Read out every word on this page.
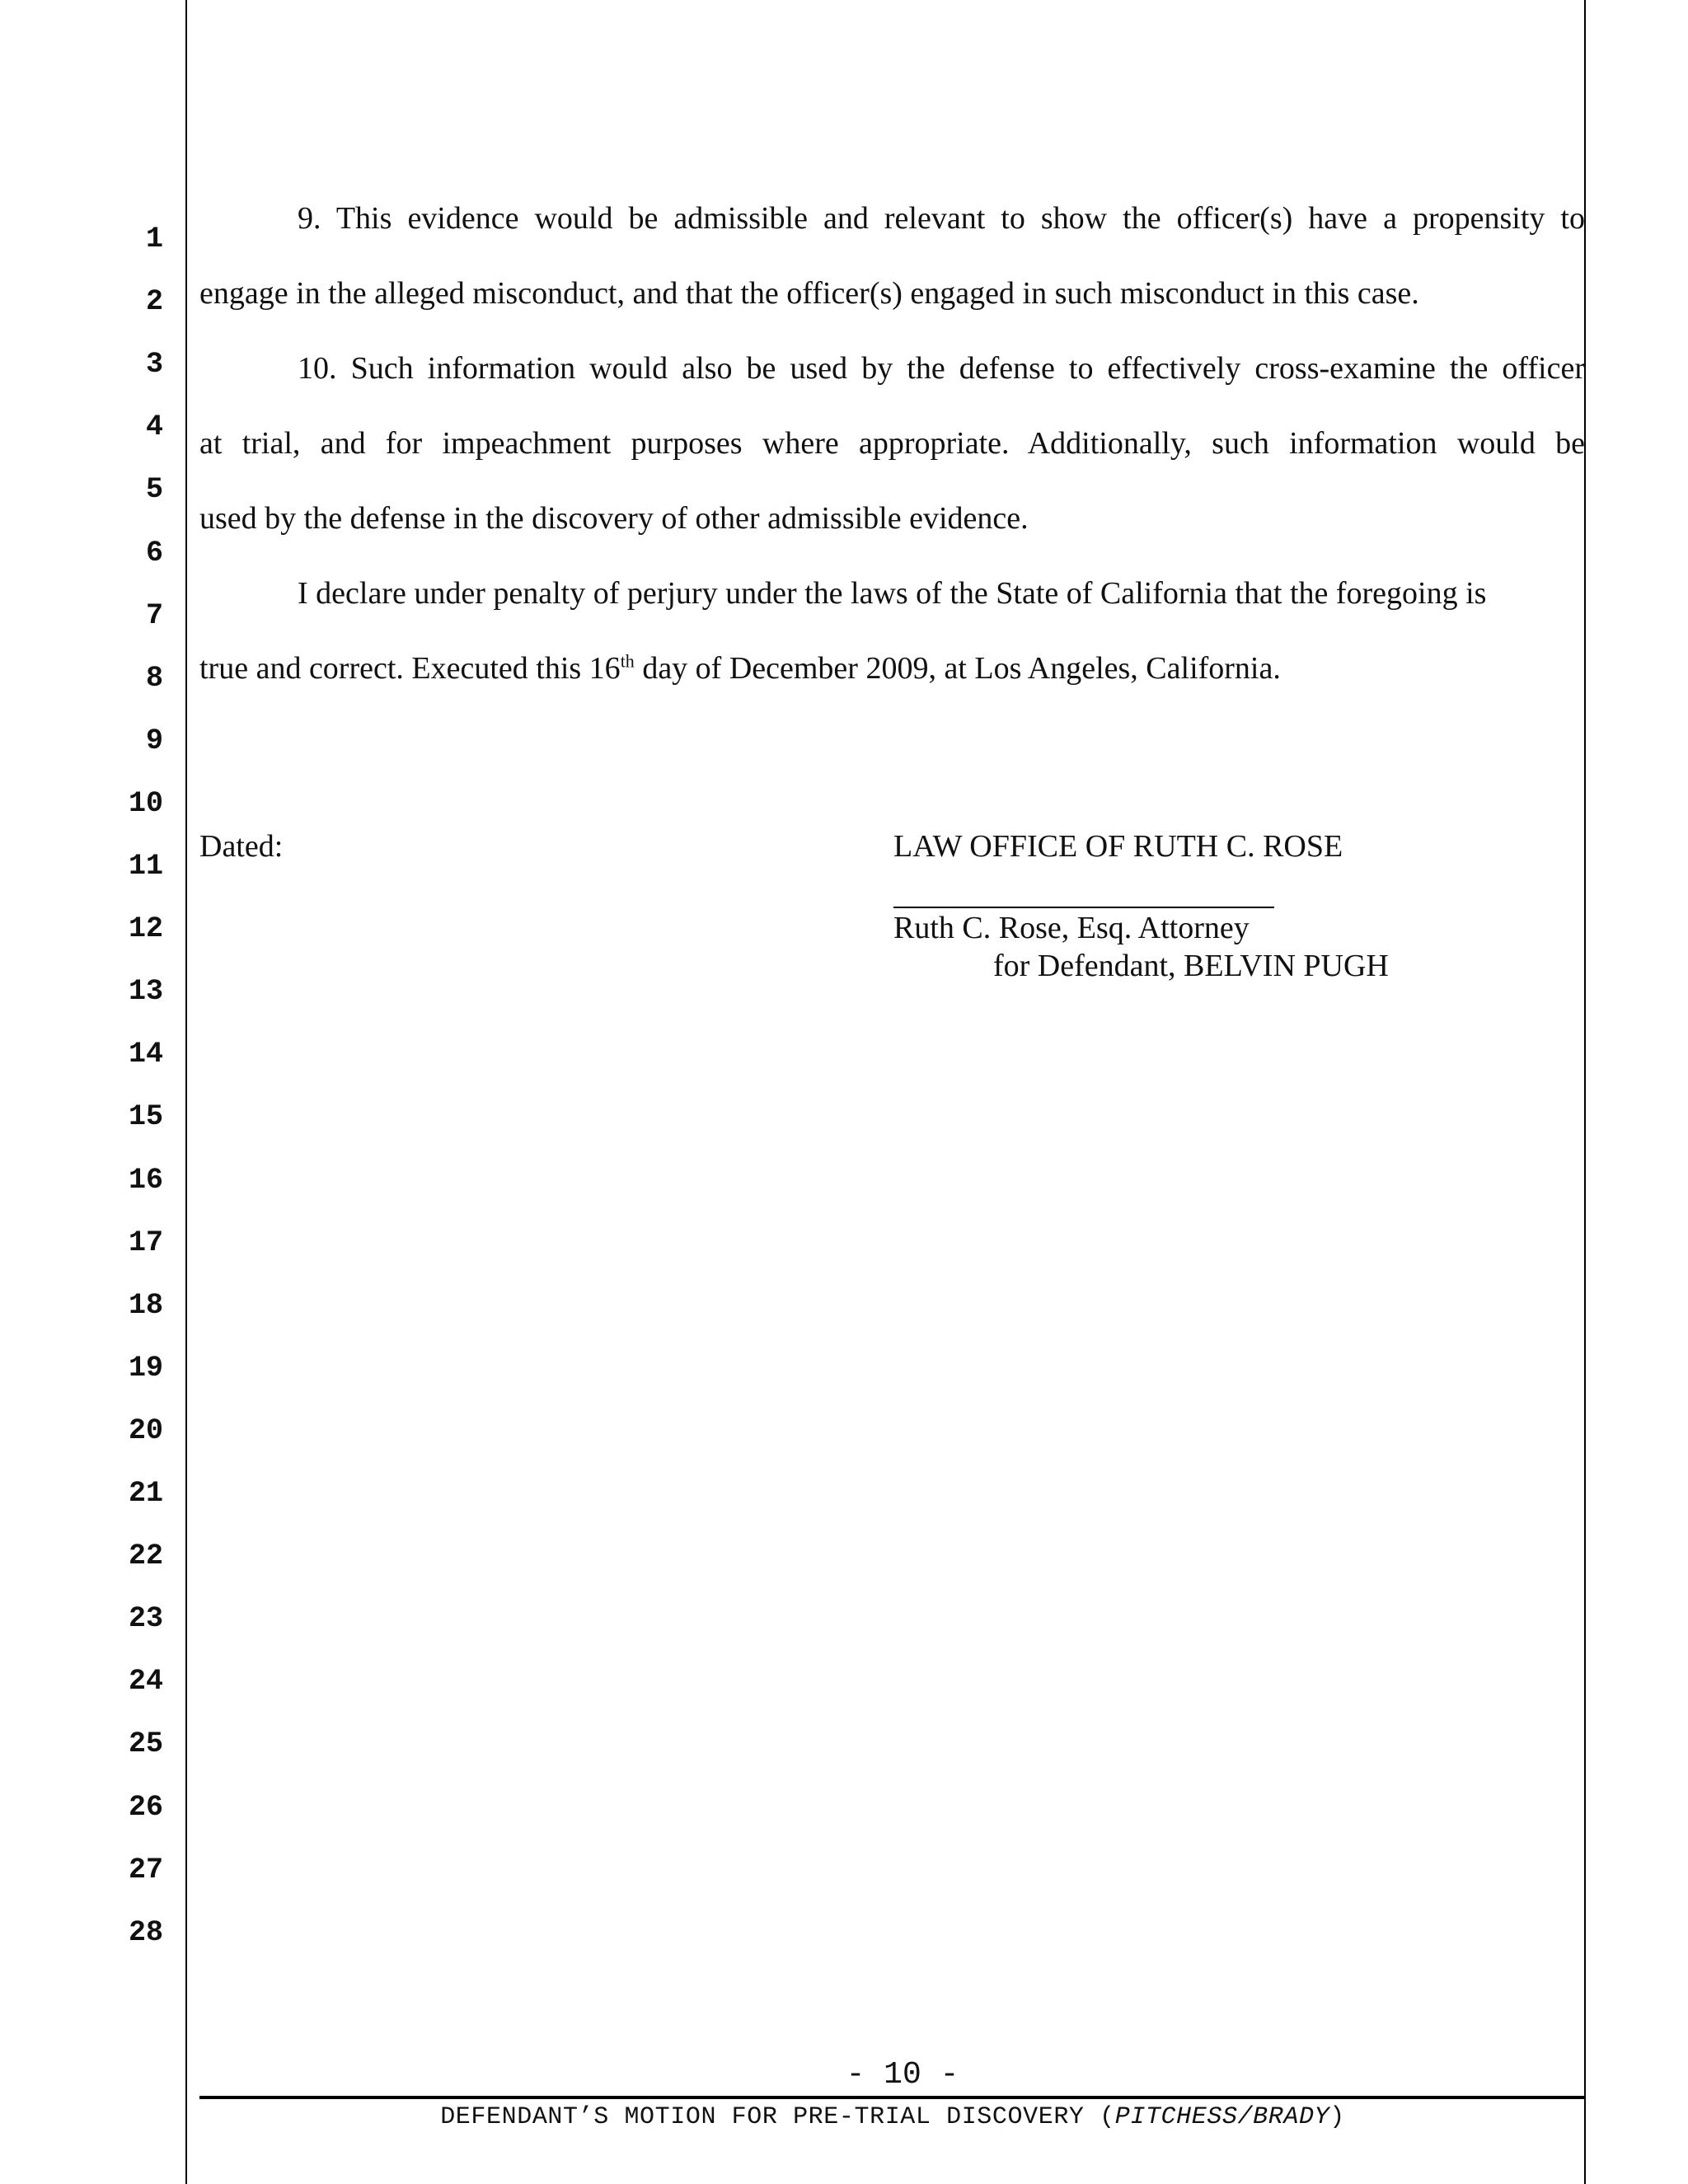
1
2
3
4
5
6
7
8
9
10
11
12
13
14
15
16
17
18
19
20
21
22
23
24
25
26
27
28
9. This evidence would be admissible and relevant to show the officer(s) have a propensity to
engage in the alleged misconduct, and that the officer(s) engaged in such misconduct in this case.
10. Such information would also be used by the defense to effectively cross-examine the officer
at trial, and for impeachment purposes where appropriate. Additionally, such information would be
used by the defense in the discovery of other admissible evidence.
I declare under penalty of perjury under the laws of the State of California that the foregoing is
true and correct. Executed this 16th day of December 2009, at Los Angeles, California.
Dated:	LAW OFFICE OF RUTH C. ROSE
Ruth C. Rose, Esq. Attorney
for Defendant, BELVIN PUGH
- 10 -
DEFENDANT’S MOTION FOR PRE-TRIAL DISCOVERY (PITCHESS/BRADY)
